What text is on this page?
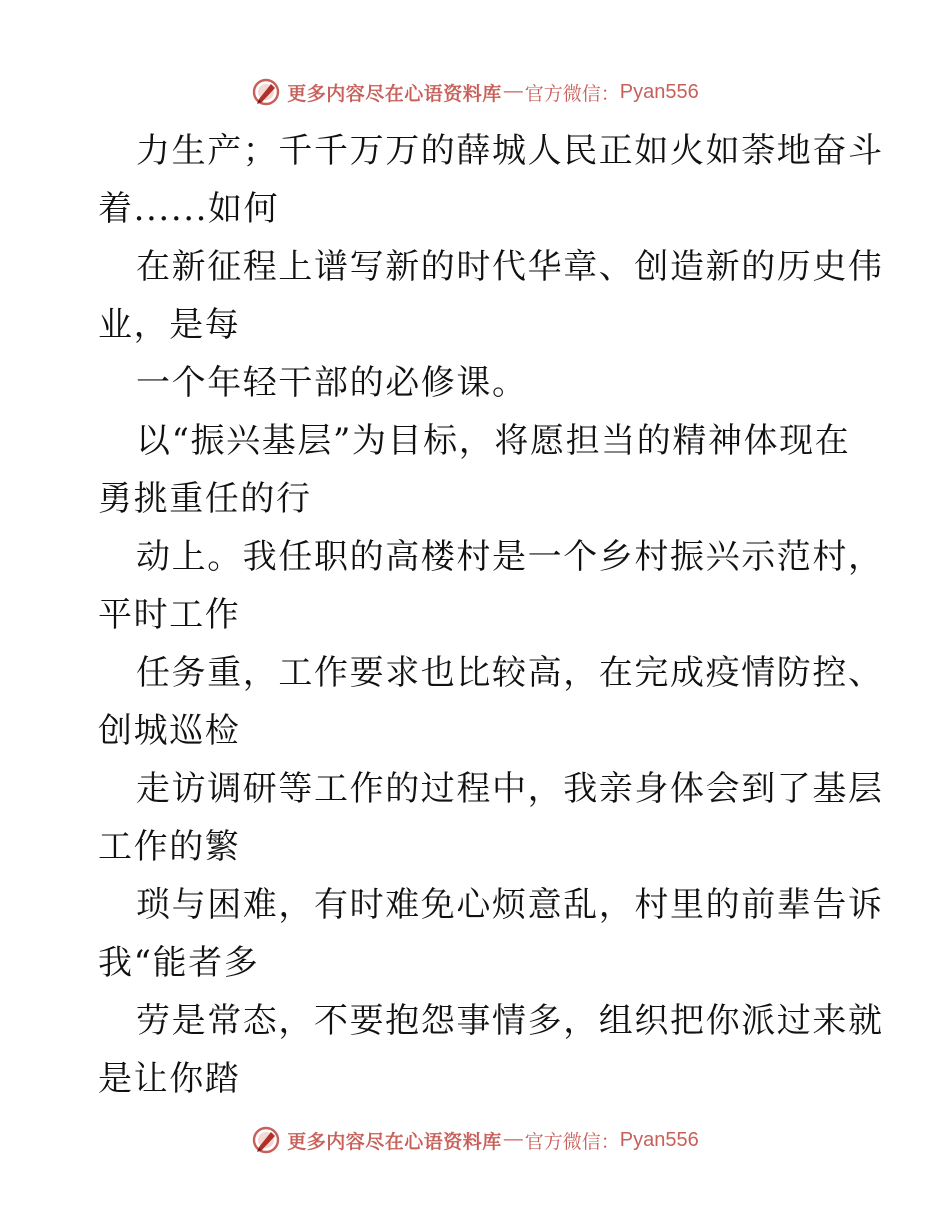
更多内容尽在心语资料库 — 官方微信： Pyan556
力生产；千千万万的薛城人民正如火如荼地奋斗
着......如何
在新征程上谱写新的时代华章、创造新的历史伟
业，是每
一个年轻干部的必修课。
以“振兴基层”为目标，将愿担当的精神体现在
勇挑重任的行
动上。我任职的高楼村是一个乡村振兴示范村，
平时工作
任务重，工作要求也比较高，在完成疫情防控、
创城巡检
走访调研等工作的过程中，我亲身体会到了基层
工作的繁
琐与困难，有时难免心烦意乱，村里的前辈告诉
我“能者多
劳是常态，不要抱怨事情多，组织把你派过来就
是让你踏
更多内容尽在心语资料库 — 官方微信： Pyan556
